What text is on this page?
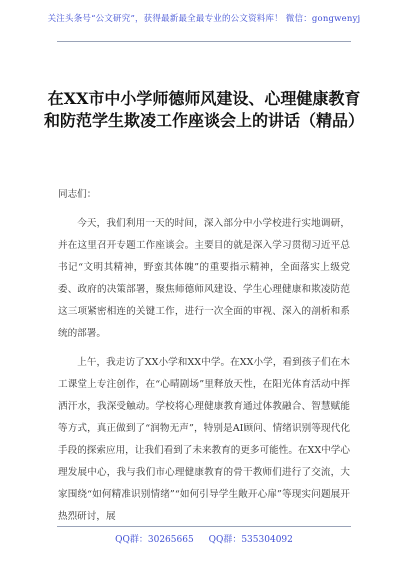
关注头条号“公文研究”，获得最新最全最专业的公文资料库！ 微信：gongwenyj
在XX市中小学师德师风建设、心理健康教育和防范学生欺凌工作座谈会上的讲话（精品）

同志们：

今天，我们利用一天的时间，深入部分中小学校进行实地调研，并在这里召开专题工作座谈会。主要目的就是深入学习贯彻习近平总书记“文明其精神，野蛮其体魄”的重要指示精神，全面落实上级党委、政府的决策部署，聚焦师德师风建设、学生心理健康和欺凌防范这三项紧密相连的关键工作，进行一次全面的审视、深入的剖析和系统的部署。

上午，我走访了XX小学和XX中学。在XX小学，看到孩子们在木工课堂上专注创作，在“心晴剧场”里释放天性，在阳光体育活动中挥洒汗水，我深受触动。学校将心理健康教育通过体教融合、智慧赋能等方式，真正做到了“润物无声”，特别是AI顾问、情绪识别等现代化手段的探索应用，让我们看到了未来教育的更多可能性。在XX中学心理发展中心，我与我们市心理健康教育的骨干教师们进行了交流，大家围绕“如何精准识别情绪”“如何引导学生敞开心扉”等现实问题展开热烈研讨，展

QQ群：30265665 QQ群：535304092
